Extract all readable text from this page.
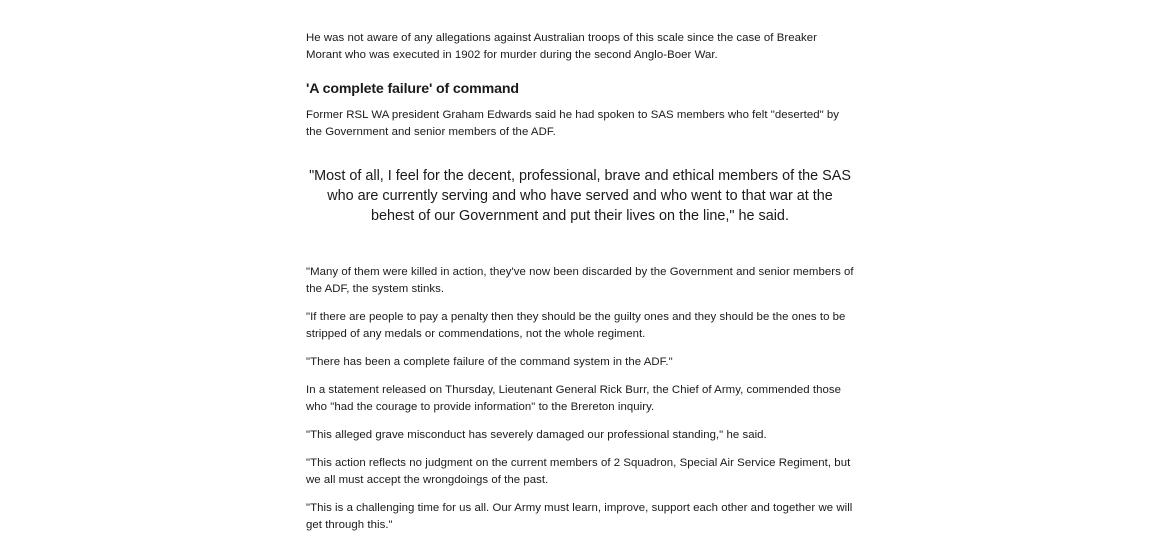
He was not aware of any allegations against Australian troops of this scale since the case of Breaker Morant who was executed in 1902 for murder during the second Anglo-Boer War.

'A complete failure' of command

Former RSL WA president Graham Edwards said he had spoken to SAS members who felt "deserted" by the Government and senior members of the ADF.

"Most of all, I feel for the decent, professional, brave and ethical members of the SAS who are currently serving and who have served and who went to that war at the behest of our Government and put their lives on the line," he said.

"Many of them were killed in action, they've now been discarded by the Government and senior members of the ADF, the system stinks.

"If there are people to pay a penalty then they should be the guilty ones and they should be the ones to be stripped of any medals or commendations, not the whole regiment.

"There has been a complete failure of the command system in the ADF."

In a statement released on Thursday, Lieutenant General Rick Burr, the Chief of Army, commended those who "had the courage to provide information" to the Brereton inquiry.

"This alleged grave misconduct has severely damaged our professional standing," he said.

"This action reflects no judgment on the current members of 2 Squadron, Special Air Service Regiment, but we all must accept the wrongdoings of the past.

"This is a challenging time for us all. Our Army must learn, improve, support each other and together we will get through this."
